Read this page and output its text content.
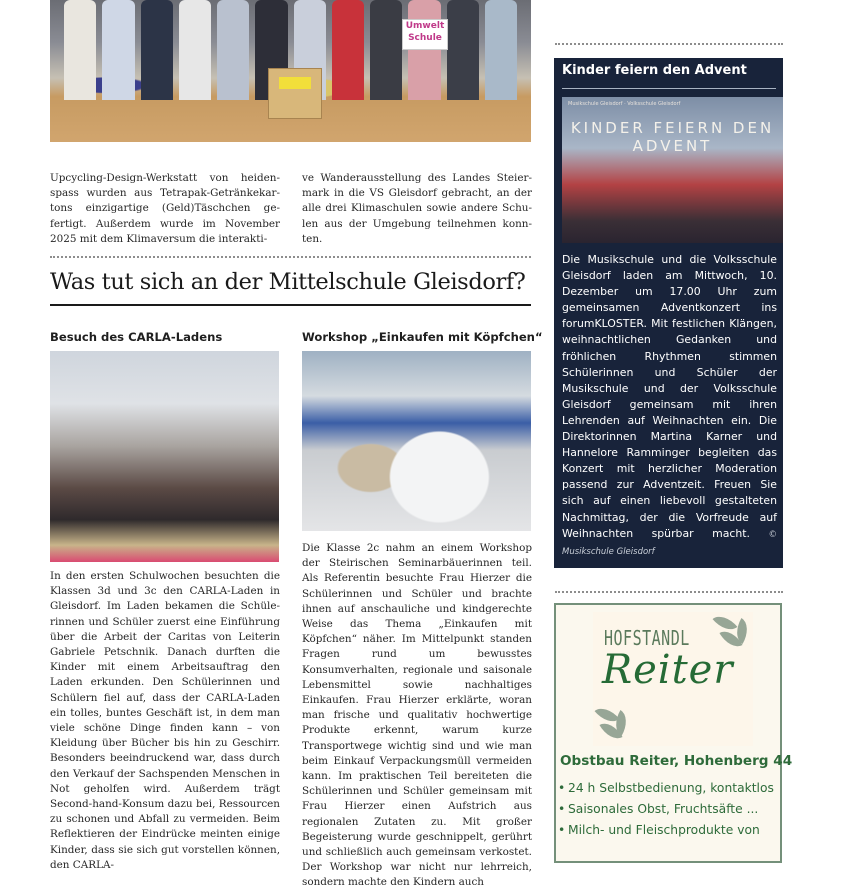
Umwelt Schule

Upcycling-Design-Werkstatt von heidenspass wurden aus Tetrapak-Getränkekartons einzigartige (Geld)Täschchen gefertigt. Außerdem wurde im November 2025 mit dem Klimaversum die interakti-

ve Wanderausstellung des Landes Steiermark in die VS Gleisdorf gebracht, an der alle drei Klimaschulen sowie andere Schulen aus der Umgebung teilnehmen konnten.

Was tut sich an der Mittelschule Gleisdorf?
Besuch des CARLA-Ladens	Workshop „Einkaufen mit Köpfchen“

In den ersten Schulwochen besuchten die Klassen 3d und 3c den CARLA-Laden in Gleisdorf. Im Laden bekamen die Schülerinnen und Schüler zuerst eine Einführung über die Arbeit der Caritas von Leiterin Gabriele Petschnik. Danach durften die Kinder mit einem Arbeitsauftrag den Laden erkunden. Den Schülerinnen und Schülern fiel auf, dass der CARLA-Laden ein tolles, buntes Geschäft ist, in dem man viele schöne Dinge finden kann – von Kleidung über Bücher bis hin zu Geschirr. Besonders beeindruckend war, dass durch den Verkauf der Sachspenden Menschen in Not geholfen wird. Außerdem trägt Second-hand-Konsum dazu bei, Ressourcen zu schonen und Abfall zu vermeiden. Beim Reflektieren der Eindrücke meinten einige Kinder, dass sie sich gut vorstellen können, den CARLA-

Die Klasse 2c nahm an einem Workshop der Steirischen Seminarbäuerinnen teil. Als Referentin besuchte Frau Hierzer die Schülerinnen und Schüler und brachte ihnen auf anschauliche und kindgerechte Weise das Thema „Einkaufen mit Köpfchen“ näher. Im Mittelpunkt standen Fragen rund um bewusstes Konsumverhalten, regionale und saisonale Lebensmittel sowie nachhaltiges Einkaufen. Frau Hierzer erklärte, woran man frische und qualitativ hochwertige Produkte erkennt, warum kurze Transportwege wichtig sind und wie man beim Einkauf Verpackungsmüll vermeiden kann. Im praktischen Teil bereiteten die Schülerinnen und Schüler gemeinsam mit Frau Hierzer einen Aufstrich aus regionalen Zutaten zu. Mit großer Begeisterung wurde geschnippelt, gerührt und schließlich auch gemeinsam verkostet. Der Workshop war nicht nur lehrreich, sondern machte den Kindern auch

Kinder feiern den Advent
Musikschule Gleisdorf · Volksschule Gleisdorf
KINDER FEIERN DEN ADVENT

Die Musikschule und die Volksschule Gleisdorf laden am Mittwoch, 10. Dezember um 17.00 Uhr zum gemeinsamen Adventkonzert ins forumKLOSTER. Mit festlichen Klängen, weihnachtlichen Gedanken und fröhlichen Rhythmen stimmen Schülerinnen und Schüler der Musikschule und der Volksschule Gleisdorf gemeinsam mit ihren Lehrenden auf Weihnachten ein. Die Direktorinnen Martina Karner und Hannelore Ramminger begleiten das Konzert mit herzlicher Moderation passend zur Adventzeit. Freuen Sie sich auf einen liebevoll gestalteten Nachmittag, der die Vorfreude auf Weihnachten spürbar macht. © Musikschule Gleisdorf

HOFSTANDL
Reiter
Obstbau Reiter, Hohenberg 44
• 24 h Selbstbedienung, kontaktlos
• Saisonales Obst, Fruchtsäfte ...
• Milch- und Fleischprodukte von
